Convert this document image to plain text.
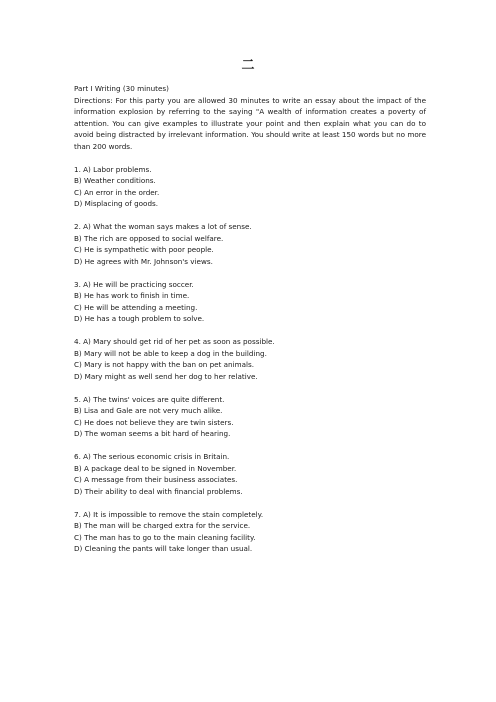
二

Part I Writing (30 minutes)

Directions: For this party you are allowed 30 minutes to write an essay about the impact of the information explosion by referring to the saying "A wealth of information creates a poverty of attention. You can give examples to illustrate your point and then explain what you can do to avoid being distracted by irrelevant information. You should write at least 150 words but no more than 200 words.

1. A) Labor problems.

B) Weather conditions.

C) An error in the order.

D) Misplacing of goods.

2. A) What the woman says makes a lot of sense.

B) The rich are opposed to social welfare.

C) He is sympathetic with poor people.

D) He agrees with Mr. Johnson's views.

3. A) He will be practicing soccer.

B) He has work to finish in time.

C) He will be attending a meeting.

D) He has a tough problem to solve.

4. A) Mary should get rid of her pet as soon as possible.

B) Mary will not be able to keep a dog in the building.

C) Mary is not happy with the ban on pet animals.

D) Mary might as well send her dog to her relative.

5. A) The twins' voices are quite different.

B) Lisa and Gale are not very much alike.

C) He does not believe they are twin sisters.

D) The woman seems a bit hard of hearing.

6. A) The serious economic crisis in Britain.

B) A package deal to be signed in November.

C) A message from their business associates.

D) Their ability to deal with financial problems.

7. A) It is impossible to remove the stain completely.

B) The man will be charged extra for the service.

C) The man has to go to the main cleaning facility.

D) Cleaning the pants will take longer than usual.
